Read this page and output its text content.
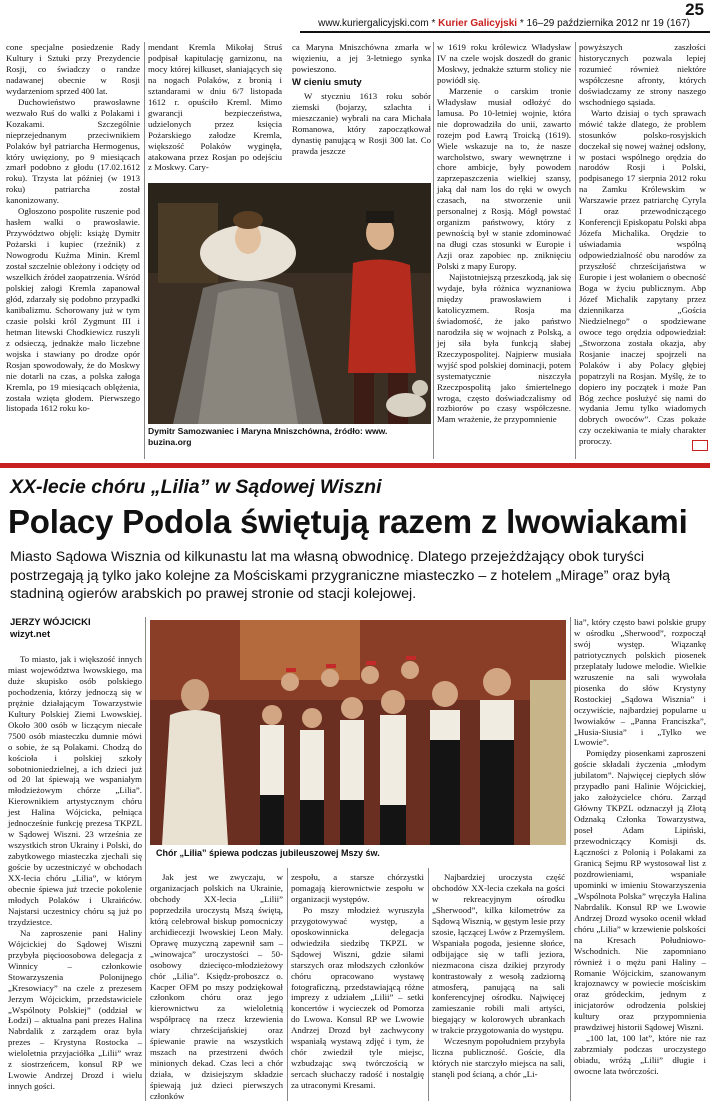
www.kuriergalicyjski.com * Kurier Galicyjski * 16–29 października 2012 nr 19 (167)
25

cone specjalne posiedzenie Rady Kultury i Sztuki przy Prezydencie Rosji, co świadczy o randze nadawanej obecnie w Rosji wydarzeniom sprzed 400 lat.

Duchowieństwo prawosławne wezwało Ruś do walki z Polakami i Kozakami. Szczególnie nieprzejednanym przeciwnikiem Polaków był patriarcha Hermogenus, który uwięziony, po 9 miesiącach zmarł podobno z głodu (17.02.1612 roku). Trzysta lat później (w 1913 roku) patriarcha został kanonizowany.

Ogłoszono pospolite ruszenie pod hasłem walki o prawosławie. Przywództwo objęli: książę Dymitr Pożarski i kupiec (rzeźnik) z Nowogrodu Kuźma Minin. Kreml został szczelnie obleżony i odcięty od wszelkich źródeł zaopatrzenia. Wśród polskiej załogi Kremla zapanował głód, zdarzały się podobno przypadki kanibalizmu. Schorowany już w tym czasie polski król Zygmunt III i hetman litewski Chodkiewicz ruszyli z odsieczą, jednakże mało liczebne wojska i stawiany po drodze opór Rosjan spowodowały, że do Moskwy nie dotarli na czas, a polska załoga Kremla, po 19 miesiącach oblężenia, została wzięta głodem. Pierwszego listopada 1612 roku ko-

mendant Kremla Mikołaj Struś podpisał kapitulację garnizonu, na mocy której kilkuset, słaniających się na nogach Polaków, z bronią i sztandarami w dniu 6/7 listopada 1612 r. opuściło Kreml. Mimo gwarancji bezpieczeństwa, udzielonych przez księcia Pożarskiego załodze Kremla, większość Polaków wyginęła, atakowana przez Rosjan po odejściu z Moskwy. Cary-

ca Maryna Mniszchówna zmarła w więzieniu, a jej 3-letniego synka powieszono.

W cieniu smuty

W styczniu 1613 roku sobór ziemski (bojarzy, szlachta i mieszczanie) wybrali na cara Michała Romanowa, który zapoczątkował dynastię panującą w Rosji 300 lat. Co prawda jeszcze

Dymitr Samozwaniec i Maryna Mniszchówna, źródło: www. buzina.org

w 1619 roku królewicz Władysław IV na czele wojsk doszedł do granic Moskwy, jednakże szturm stolicy nie powiódł się.

Marzenie o carskim tronie Władysław musiał odłożyć do lamusa. Po 10-letniej wojnie, która nie doprowadziła do unii, zawarto rozejm pod Ławrą Troicką (1619). Wiele wskazuje na to, że nasze warcholstwo, swary wewnętrzne i chore ambicje, były powodem zaprzepaszczenia wielkiej szansy, jaką dał nam los do ręki w owych czasach, na stworzenie unii personalnej z Rosją. Mógł powstać organizm państwowy, który z pewnością był w stanie zdominować na długi czas stosunki w Europie i Azji oraz zapobiec np. zniknięciu Polski z mapy Europy.

Najistotniejszą przeszkodą, jak się wydaje, była różnica wyznaniowa między prawosławiem i katolicyzmem. Rosja ma świadomość, że jako państwo narodziła się w wojnach z Polską, a jej siła była funkcją słabej Rzeczypospolitej. Najpierw musiała wyjść spod polskiej dominacji, potem systematycznie niszczyła Rzeczpospolitą jako śmiertelnego wroga, często doświadczalismy od rozbiorów po czasy współczesne. Mam wrażenie, że przypomnienie

powyższych zaszłości historycznych pozwala lepiej rozumieć również niektóre współczesne afronty, których doświadczamy ze strony naszego wschodniego sąsiada.

Warto dzisiaj o tych sprawach mówić także dlatego, że problem stosunków polsko-rosyjskich doczekał się nowej ważnej odsłony, w postaci wspólnego orędzia do narodów Rosji i Polski, podpisanego 17 sierpnia 2012 roku na Zamku Królewskim w Warszawie przez patriarchę Cyryla I oraz przewodniczącego Konferencji Episkopatu Polski abpa Józefa Michalika. Orędzie to uświadamia wspólną odpowiedzialność obu narodów za przyszłość chrześcijaństwa w Europie i jest wołaniem o obecność Boga w życiu publicznym. Abp Józef Michalik zapytany przez dziennikarza „Gościa Niedzielnego” o spodziewane owoce tego orędzia odpowiedział: „Stworzona została okazja, aby Rosjanie inaczej spojrzeli na Polaków i aby Polacy głębiej popatrzyli na Rosjan. Myślę, że to dopiero iny początek i może Pan Bóg zechce posłużyć się nami do wydania Jemu tylko wiadomych dobrych owoców”. Czas pokaże czy oczekiwania te miały charakter proroczy.

XX-lecie chóru „Lilia” w Sądowej Wiszni
Polacy Podola świętują razem z lwowiakami
Miasto Sądowa Wisznia od kilkunastu lat ma własną obwodnicę. Dlatego przejeżdżający obok turyści postrzegają ją tylko jako kolejne za Mościskami przygraniczne miasteczko – z hotelem „Mirage” oraz byłą stadniną ogierów arabskich po prawej stronie od stacji kolejowej.
JERZY WÓJCICKI
wizyt.net

To miasto, jak i większość innych miast województwa lwowskiego, ma duże skupisko osób polskiego pochodzenia, którzy jednoczą się w prężnie działającym Towarzystwie Kultury Polskiej Ziemi Lwowskiej. Około 300 osób w liczącym niecałe 7500 osób miasteczku dumnie mówi o sobie, że są Polakami. Chodzą do kościoła i polskiej szkoły sobotnioniedzielnej, a ich dzieci już od 20 lat śpiewają we wspaniałym młodzieżowym chórze „Lilia”. Kierownikiem artystycznym chóru jest Halina Wójcicka, pełniąca jednocześnie funkcję prezesa TKPZL w Sądowej Wiszni. 23 września ze wszystkich stron Ukrainy i Polski, do zabytkowego miasteczka zjechali się goście by uczestniczyć w obchodach XX-lecia chóru „Lilia”, w którym obecnie śpiewa już trzecie pokolenie młodych Polaków i Ukraińców. Najstarsi uczestnicy chóru są już po trzydziestce.

Na zaproszenie pani Haliny Wójcickiej do Sądowej Wiszni przybyła pięcioosobowa delegacja z Winnicy – członkowie Stowarzyszenia Polonijnego „Kresowiacy” na czele z prezesem Jerzym Wójcickim, przedstawiciele „Wspólnoty Polskiej” (oddział w Łodzi) – aktualna pani prezes Halina Nabrdalik z zarządem oraz była prezes – Krystyna Rostocka – wieloletnia przyjaciółka „Lilii” wraz z siostrzeńcem, konsul RP we Lwowie Andrzej Drozd i wielu innych gości.

Chór „Lilia” śpiewa podczas jubileuszowej Mszy św.

Jak jest we zwyczaju, w organizacjach polskich na Ukrainie, obchody XX-lecia „Lilii” poprzedziła uroczystą Mszą świętą, którą celebrował biskup pomocniczy archidiecezji lwowskiej Leon Mały. Oprawę muzyczną zapewnił sam – „winowajca” uroczystości – 50-osobowy dziecięco-młodzieżowy chór „Lilia”. Księdz-proboszcz o. Kacper OFM po mszy podziękował członkom chóru oraz jego kierownictwu za wieloletnią współpracę na rzecz krzewienia wiary chrześcijańskiej oraz śpiewanie prawie na wszystkich mszach na przestrzeni dwóch minionych dekad. Czas leci a chór działa, w dzisiejszym składzie śpiewają już dzieci pierwszych członków

zespołu, a starsze chórzystki pomagają kierownictwie zespołu w organizacji występów.

Po mszy młodzież wyruszyła przygotowywać występ, a oposkowinnicka delegacja odwiedziła siedzibę TKPZL w Sądowej Wiszni, gdzie siłami starszych oraz młodszych członków chóru opracowano wystawę fotograficzną, przedstawiającą różne imprezy z udziałem „Lilii” – setki koncertów i wycieczek od Pomorza do Lwowa. Konsul RP we Lwowie Andrzej Drozd był zachwycony wspaniałą wystawą zdjęć i tym, że chór zwiedził tyle miejsc, wzbudzając swą twórczością w sercach słuchaczy radość i nostalgię za utraconymi Kresami.

Najbardziej uroczysta część obchodów XX-lecia czekała na gości w rekreacyjnym ośrodku „Sherwood”, kilka kilometrów za Sądową Wisznią, w gęstym lesie przy szosie, łączącej Lwów z Przemyślem. Wspaniała pogoda, jesienne słońce, odbijające się w tafli jeziora, niezmacona cisza dzikiej przyrody kontrastowały z wesołą zadziorną atmosferą, panującą na sali konferencyjnej ośrodku. Najwięcej zamieszanie robili mali artyści, biegający w kolorowych ubrankach w trakcie przygotowania do występu.

Wczesnym popołudniem przybyła liczna publiczność. Goście, dla których nie starczyło miejsca na sali, stanęli pod ścianą, a chór „Li-

lia”, który często bawi polskie grupy w ośrodku „Sherwood”, rozpoczął swój występ. Wiązankę patriotycznych polskich piosenek przeplatały ludowe melodie. Wielkie wzruszenie na sali wywołała piosenka do słów Krystyny Rostockiej „Sądowa Wisznia” i oczywiście, najbardziej popularne u lwowiaków – „Panna Franciszka”, „Husia-Siusia” i „Tylko we Lwowie”.

Pomiędzy piosenkami zaproszeni goście składali życzenia „młodym jubilatom”. Najwięcej ciepłych słów przypadło pani Halinie Wójcickiej, jako założycielce chóru. Zarząd Główny TKPZL odznaczył ją Złotą Odznaką Członka Towarzystwa, poseł Adam Lipiński, przewodniczący Komisji ds. Łączności z Polonią i Polakami za Granicą Sejmu RP wystosował list z pozdrowieniami, wspaniałe upominki w imieniu Stowarzyszenia „Wspólnota Polska” wręczyła Halina Nabrdalik. Konsul RP we Lwowie Andrzej Drozd wysoko ocenił wkład chóru „Lilia” w krzewienie polskości na Kresach Południowo-Wschodnich. Nie zapomniano również i o mężu pani Haliny – Romanie Wójcickim, szanowanym krajoznawcy w powiecie mościskim oraz gródeckim, jednym z inicjatorów odrodzenia polskiej kultury oraz przypomnienia prawdziwej historii Sądowej Wiszni.

„100 lat, 100 lat”, które nie raz zabrzmiały podczas uroczystego obiadu, wróżą „Lilii” długie i owocne lata twórczości.
